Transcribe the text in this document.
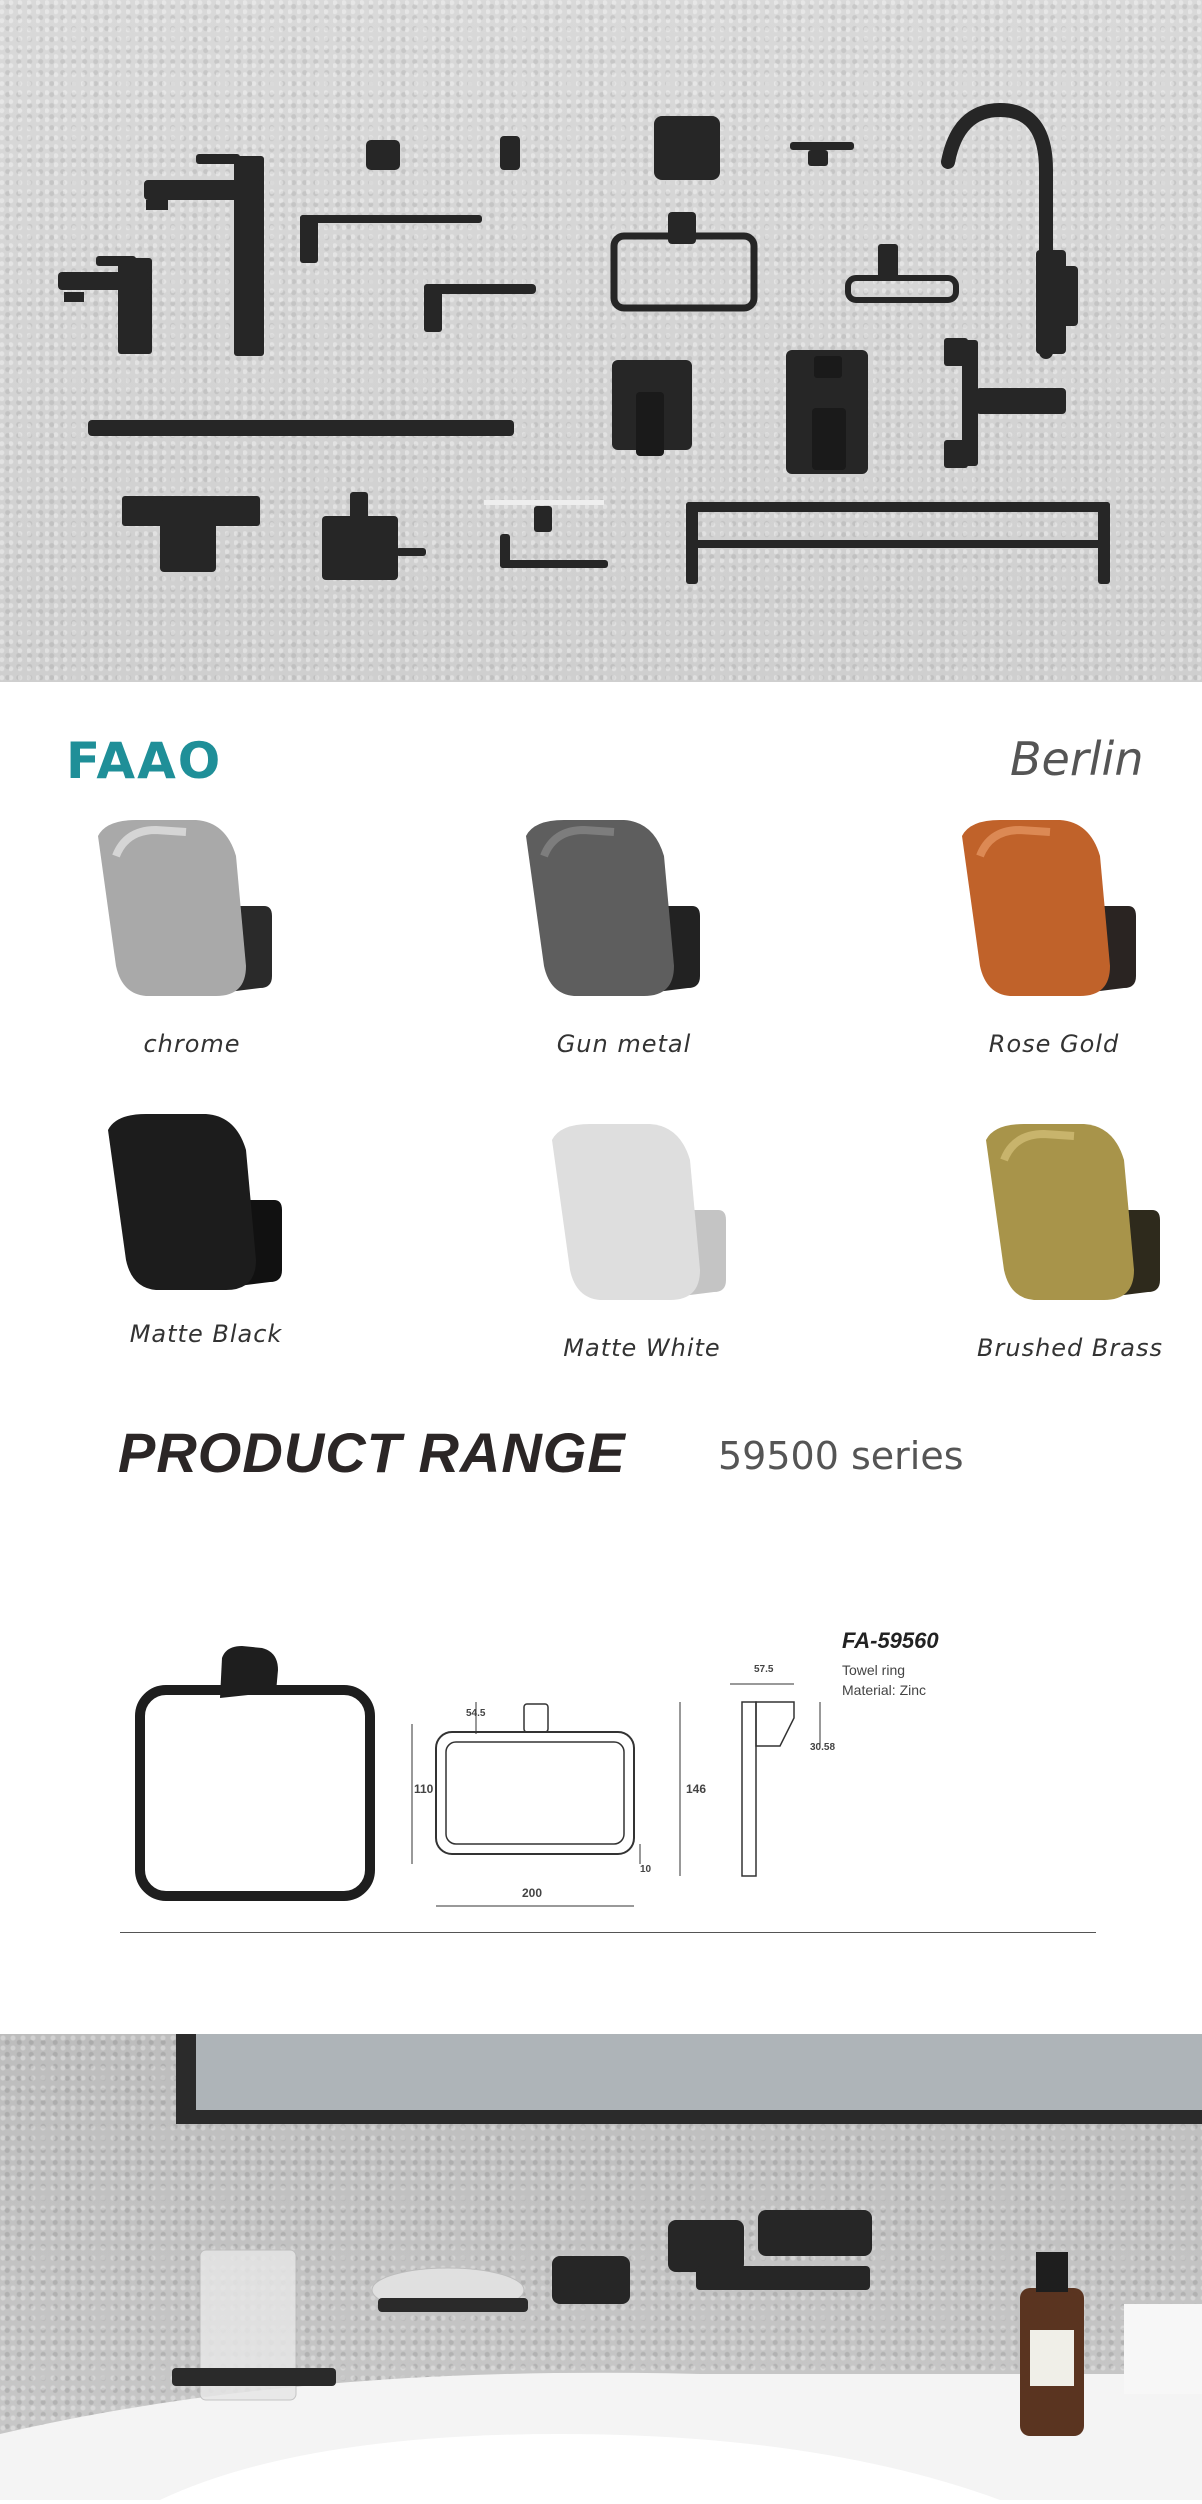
FAAO	Berlin
chrome	Gun metal	Rose Gold
Matte Black	Matte White	Brushed Brass
PRODUCT RANGE 59500 series
110
200
54.5
10
146
57.5
30.58
FA-59560
Towel ring
Material: Zinc
